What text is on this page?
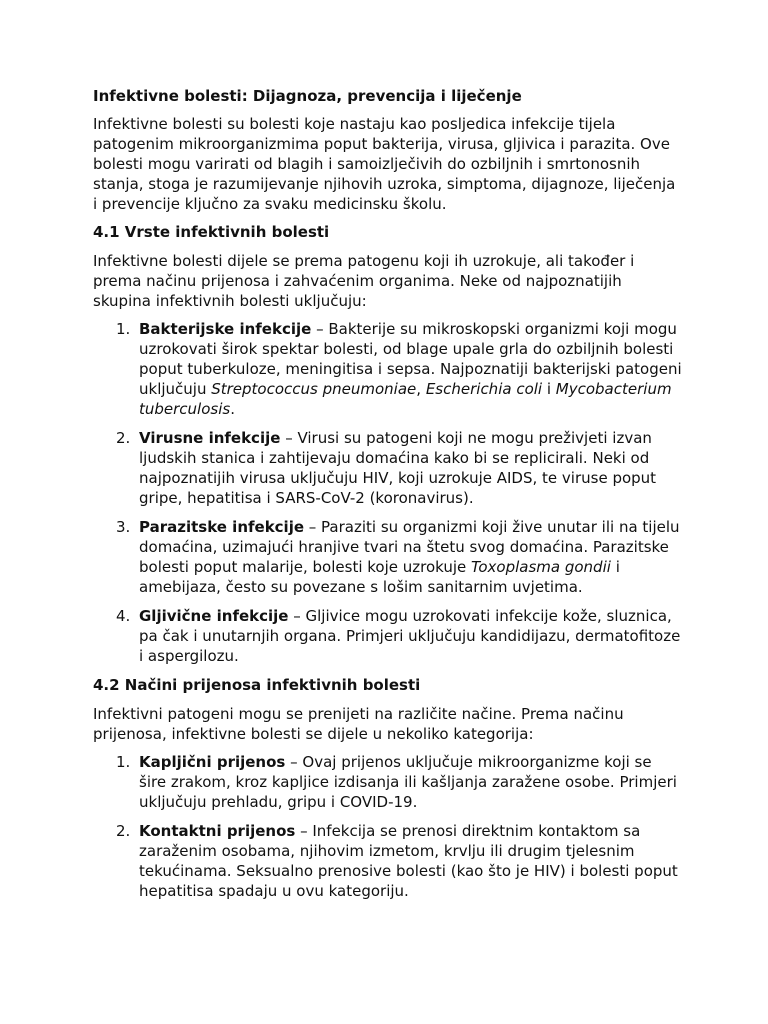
Infektivne bolesti: Dijagnoza, prevencija i liječenje

Infektivne bolesti su bolesti koje nastaju kao posljedica infekcije tijela patogenim mikroorganizmima poput bakterija, virusa, gljivica i parazita. Ove bolesti mogu varirati od blagih i samoizlječivih do ozbiljnih i smrtonosnih stanja, stoga je razumijevanje njihovih uzroka, simptoma, dijagnoze, liječenja i prevencije ključno za svaku medicinsku školu.

4.1 Vrste infektivnih bolesti

Infektivne bolesti dijele se prema patogenu koji ih uzrokuje, ali također i prema načinu prijenosa i zahvaćenim organima. Neke od najpoznatijih skupina infektivnih bolesti uključuju:

1. Bakterijske infekcije – Bakterije su mikroskopski organizmi koji mogu uzrokovati širok spektar bolesti, od blage upale grla do ozbiljnih bolesti poput tuberkuloze, meningitisa i sepsa. Najpoznatiji bakterijski patogeni uključuju Streptococcus pneumoniae, Escherichia coli i Mycobacterium tuberculosis.
2. Virusne infekcije – Virusi su patogeni koji ne mogu preživjeti izvan ljudskih stanica i zahtijevaju domaćina kako bi se replicirali. Neki od najpoznatijih virusa uključuju HIV, koji uzrokuje AIDS, te viruse poput gripe, hepatitisa i SARS-CoV-2 (koronavirus).
3. Parazitske infekcije – Paraziti su organizmi koji žive unutar ili na tijelu domaćina, uzimajući hranjive tvari na štetu svog domaćina. Parazitske bolesti poput malarije, bolesti koje uzrokuje Toxoplasma gondii i amebijaza, često su povezane s lošim sanitarnim uvjetima.
4. Gljivične infekcije – Gljivice mogu uzrokovati infekcije kože, sluznica, pa čak i unutarnjih organa. Primjeri uključuju kandidijazu, dermatofitoze i aspergilozu.
4.2 Načini prijenosa infektivnih bolesti

Infektivni patogeni mogu se prenijeti na različite načine. Prema načinu prijenosa, infektivne bolesti se dijele u nekoliko kategorija:

1. Kapljični prijenos – Ovaj prijenos uključuje mikroorganizme koji se šire zrakom, kroz kapljice izdisanja ili kašljanja zaražene osobe. Primjeri uključuju prehladu, gripu i COVID-19.
2. Kontaktni prijenos – Infekcija se prenosi direktnim kontaktom sa zaraženim osobama, njihovim izmetom, krvlju ili drugim tjelesnim tekućinama. Seksualno prenosive bolesti (kao što je HIV) i bolesti poput hepatitisa spadaju u ovu kategoriju.
